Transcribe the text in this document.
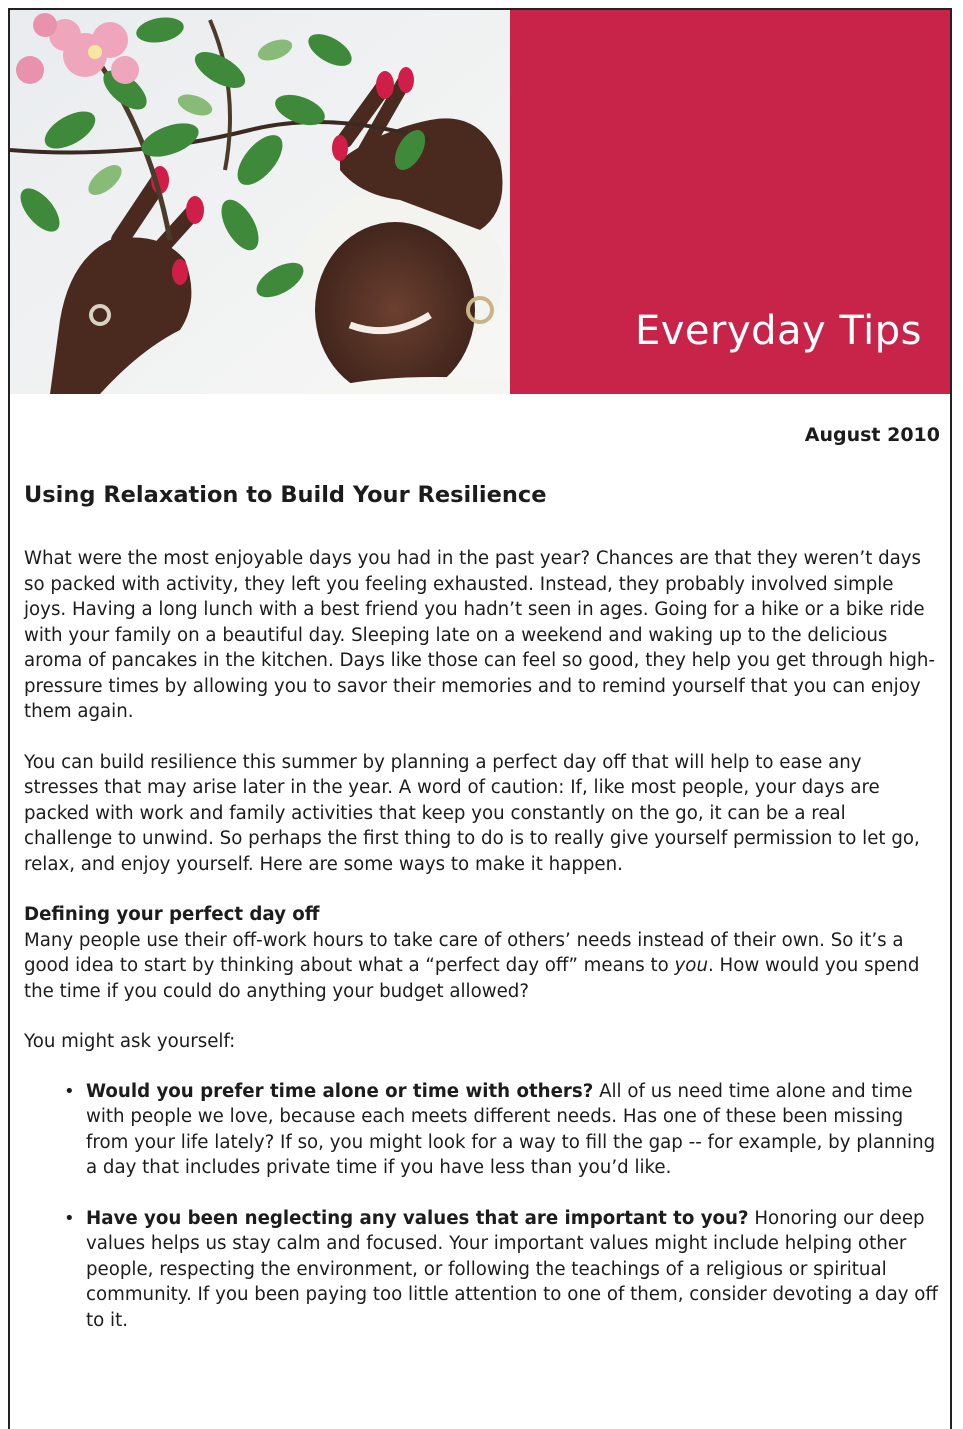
Everyday Tips
August 2010
Using Relaxation to Build Your Resilience

What were the most enjoyable days you had in the past year? Chances are that they weren’t days so packed with activity, they left you feeling exhausted. Instead, they probably involved simple joys. Having a long lunch with a best friend you hadn’t seen in ages. Going for a hike or a bike ride with your family on a beautiful day. Sleeping late on a weekend and waking up to the delicious aroma of pancakes in the kitchen. Days like those can feel so good, they help you get through high-pressure times by allowing you to savor their memories and to remind yourself that you can enjoy them again.

You can build resilience this summer by planning a perfect day off that will help to ease any stresses that may arise later in the year. A word of caution: If, like most people, your days are packed with work and family activities that keep you constantly on the go, it can be a real challenge to unwind. So perhaps the first thing to do is to really give yourself permission to let go, relax, and enjoy yourself. Here are some ways to make it happen.

Defining your perfect day off

Many people use their off-work hours to take care of others’ needs instead of their own. So it’s a good idea to start by thinking about what a “perfect day off” means to you. How would you spend the time if you could do anything your budget allowed?

You might ask yourself:

• Would you prefer time alone or time with others? All of us need time alone and time with people we love, because each meets different needs. Has one of these been missing from your life lately? If so, you might look for a way to fill the gap -- for example, by planning a day that includes private time if you have less than you’d like.
• Have you been neglecting any values that are important to you? Honoring our deep values helps us stay calm and focused. Your important values might include helping other people, respecting the environment, or following the teachings of a religious or spiritual community. If you been paying too little attention to one of them, consider devoting a day off to it.
